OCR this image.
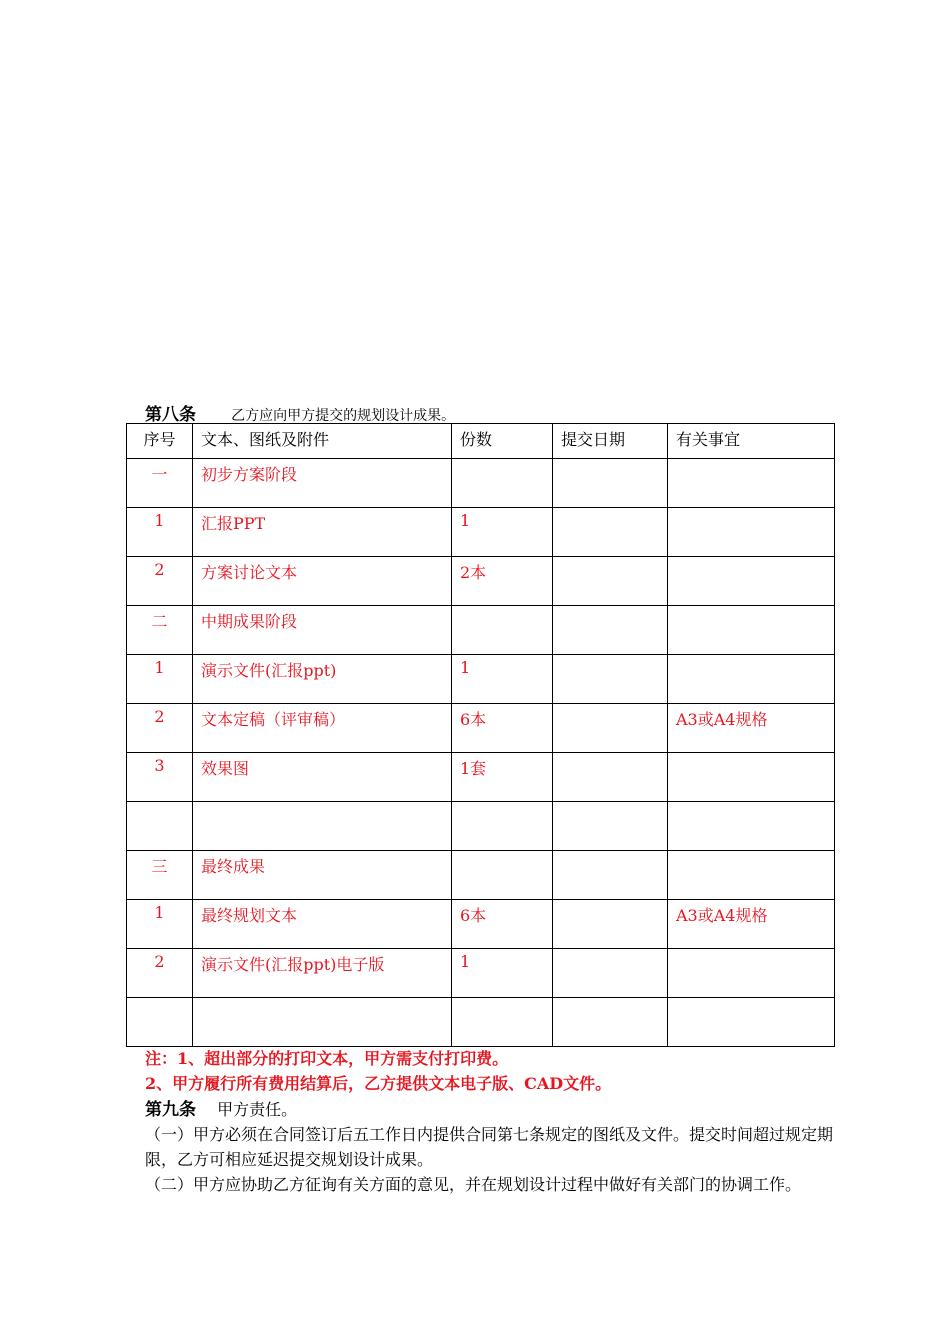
第八条	乙方应向甲方提交的规划设计成果。
序号	文本、图纸及附件	份数	提交日期	有关事宜
一	初步方案阶段			
1	汇报PPT	1		
2	方案讨论文本	2本		
二	中期成果阶段			
1	演示文件(汇报ppt)	1		
2	文本定稿（评审稿）	6本		A3或A4规格
3	效果图	1套		

三	最终成果			
1	最终规划文本	6本		A3或A4规格
2	演示文件(汇报ppt)电子版	1		

注：1、超出部分的打印文本，甲方需支付打印费。
2、甲方履行所有费用结算后，乙方提供文本电子版、CAD文件。
第九条 甲方责任。

（一）甲方必须在合同签订后五工作日内提供合同第七条规定的图纸及文件。提交时间超过规定期限，乙方可相应延迟提交规划设计成果。

（二）甲方应协助乙方征询有关方面的意见，并在规划设计过程中做好有关部门的协调工作。
